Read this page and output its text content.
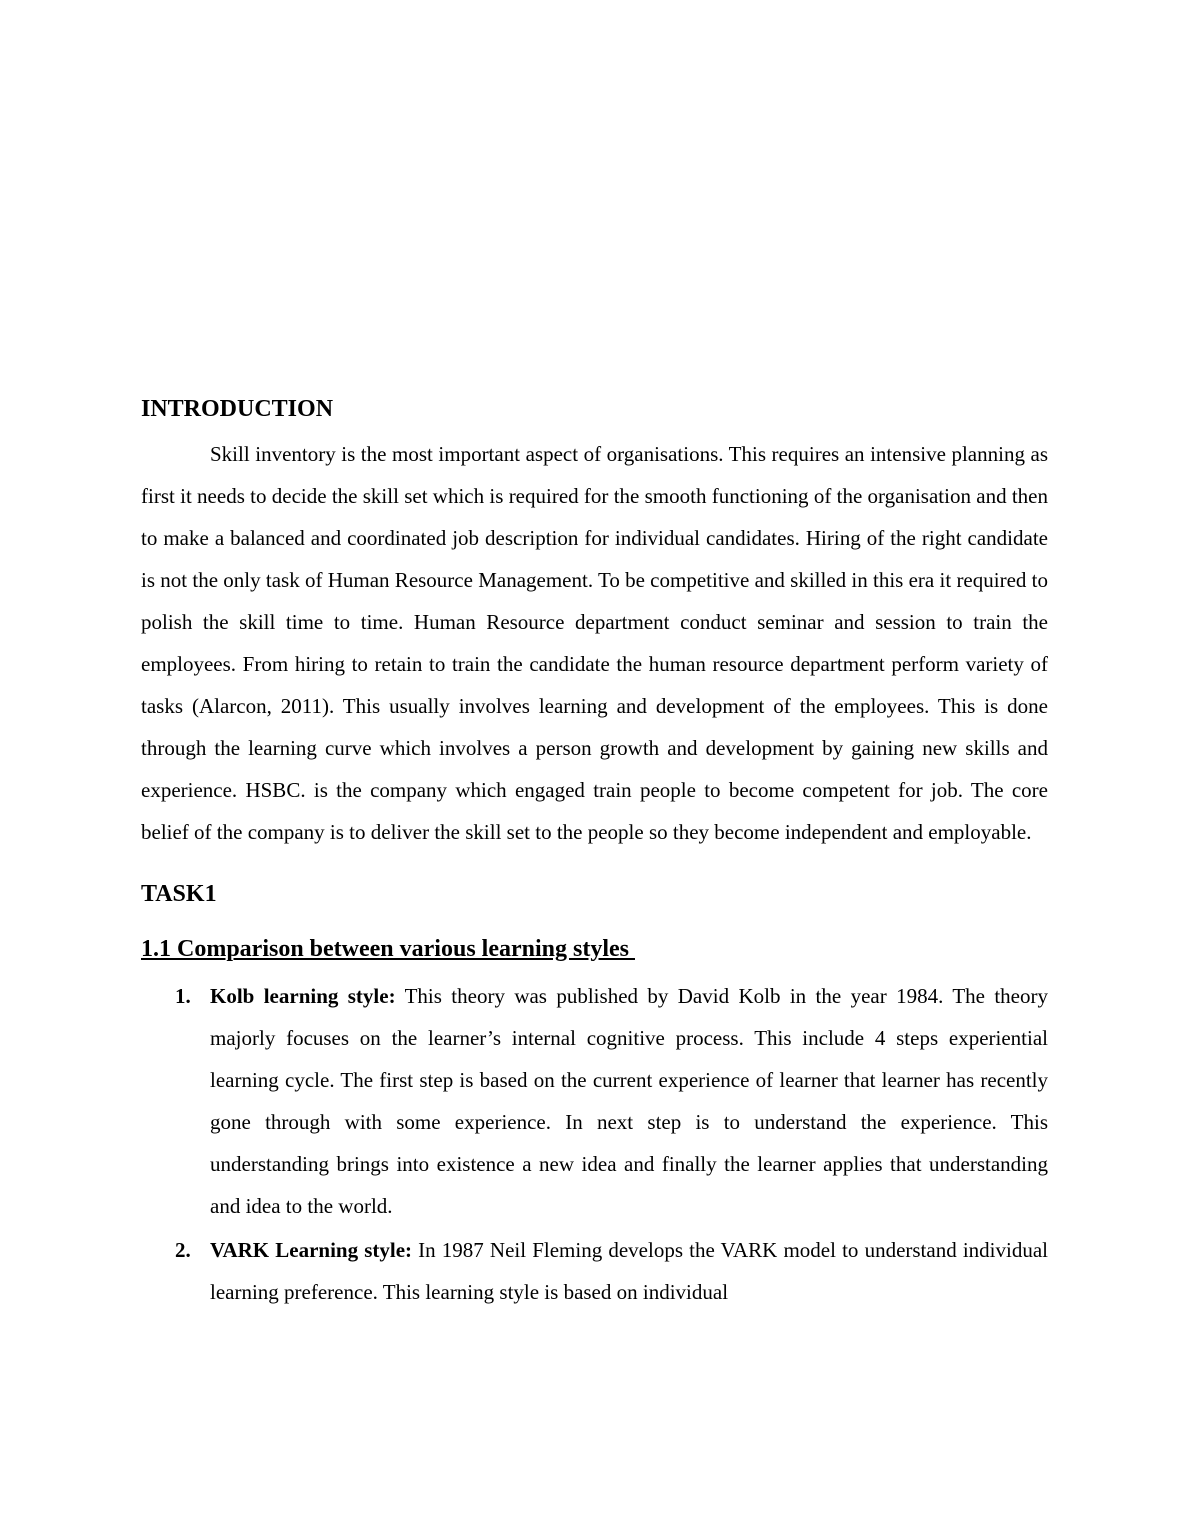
INTRODUCTION

Skill inventory is the most important aspect of organisations. This requires an intensive planning as first it needs to decide the skill set which is required for the smooth functioning of the organisation and then to make a balanced and coordinated job description for individual candidates. Hiring of the right candidate is not the only task of Human Resource Management. To be competitive and skilled in this era it required to polish the skill time to time. Human Resource department conduct seminar and session to train the employees. From hiring to retain to train the candidate the human resource department perform variety of tasks (Alarcon, 2011). This usually involves learning and development of the employees. This is done through the learning curve which involves a person growth and development by gaining new skills and experience. HSBC. is the company which engaged train people to become competent for job. The core belief of the company is to deliver the skill set to the people so they become independent and employable.

TASK1
1.1 Comparison between various learning styles
1. Kolb learning style: This theory was published by David Kolb in the year 1984. The theory majorly focuses on the learner’s internal cognitive process. This include 4 steps experiential learning cycle. The first step is based on the current experience of learner that learner has recently gone through with some experience. In next step is to understand the experience. This understanding brings into existence a new idea and finally the learner applies that understanding and idea to the world.
2. VARK Learning style: In 1987 Neil Fleming develops the VARK model to understand individual learning preference. This learning style is based on individual
